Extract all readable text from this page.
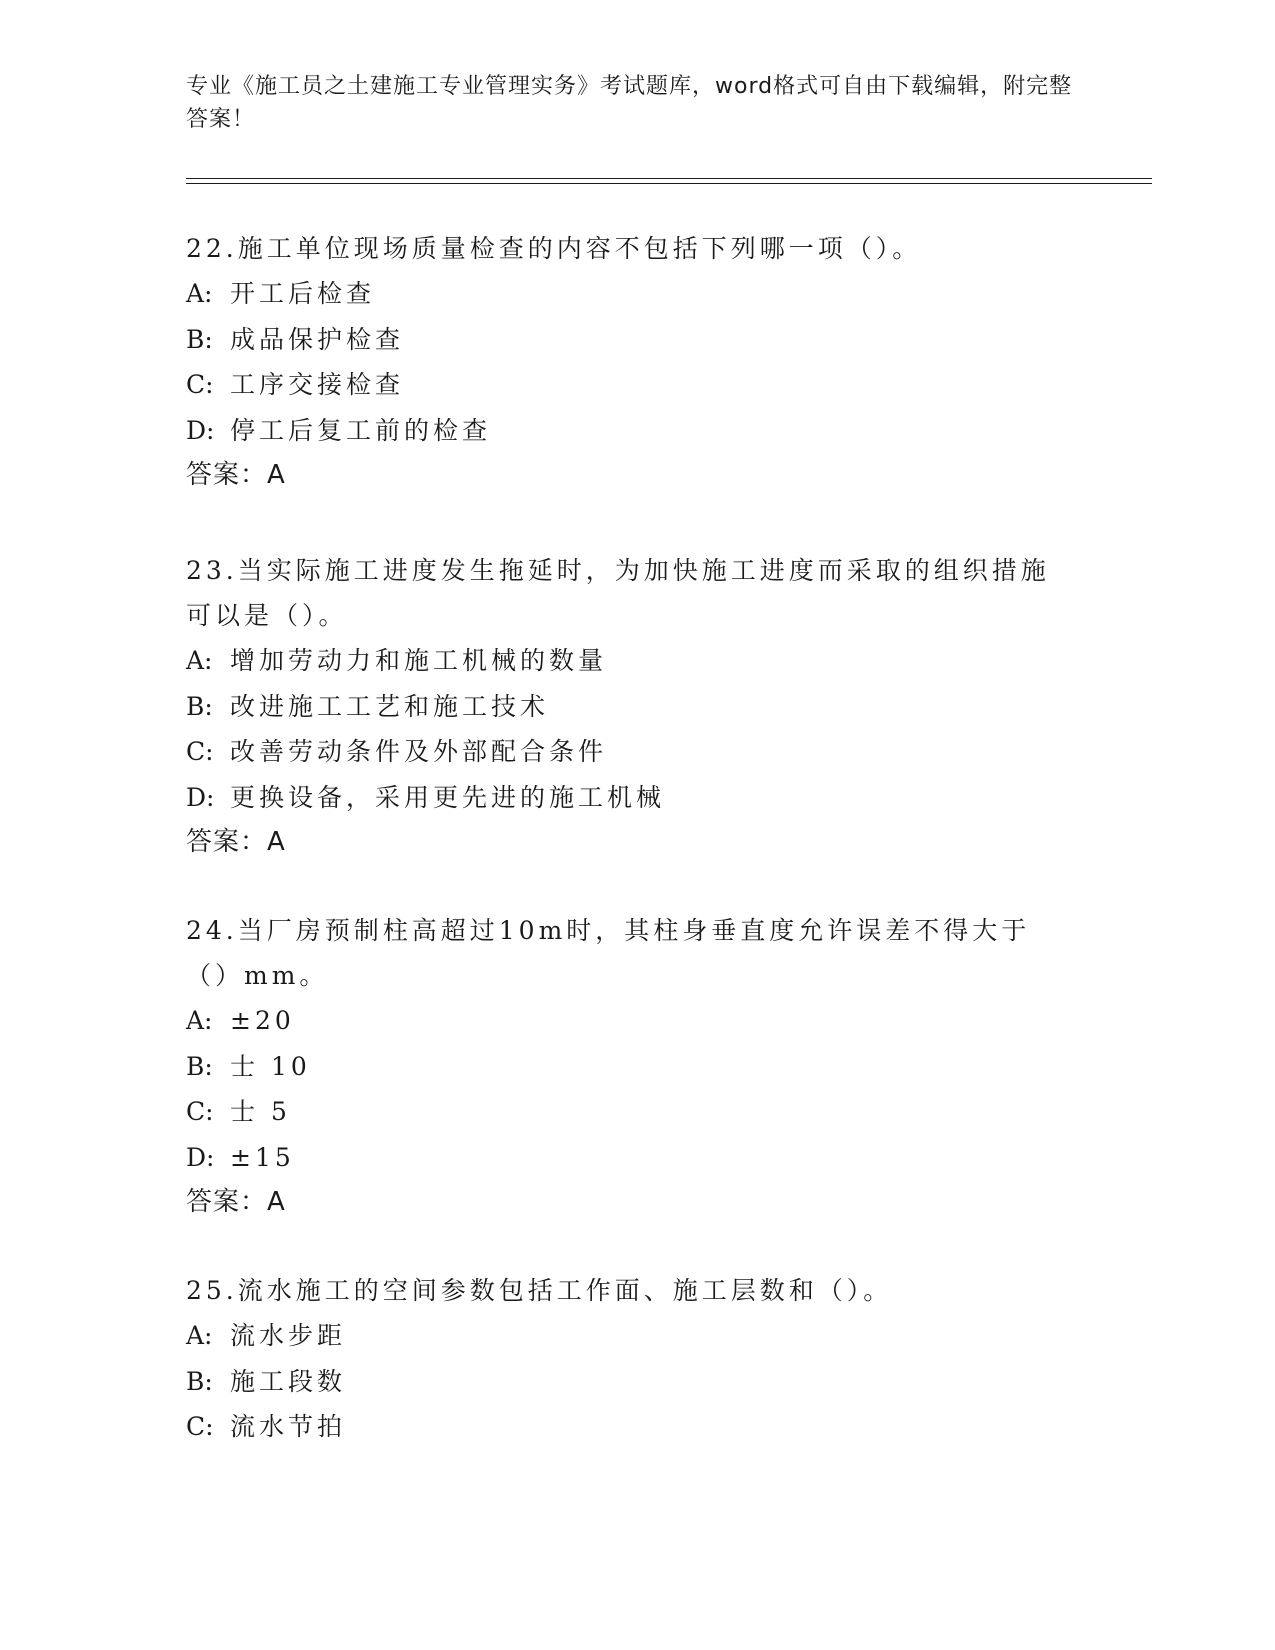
专业《施工员之土建施工专业管理实务》考试题库，word格式可自由下载编辑，附完整答案！
22.施工单位现场质量检查的内容不包括下列哪一项（）。
A: 开工后检查
B: 成品保护检查
C: 工序交接检查
D: 停工后复工前的检查
答案：A
23.当实际施工进度发生拖延时，为加快施工进度而采取的组织措施可以是（）。
A: 增加劳动力和施工机械的数量
B: 改进施工工艺和施工技术
C: 改善劳动条件及外部配合条件
D: 更换设备，采用更先进的施工机械
答案：A
24.当厂房预制柱高超过10m时，其柱身垂直度允许误差不得大于（）mm。
A: ±20
B: 士 10
C: 士 5
D: ±15
答案：A
25.流水施工的空间参数包括工作面、施工层数和（）。
A: 流水步距
B: 施工段数
C: 流水节拍
